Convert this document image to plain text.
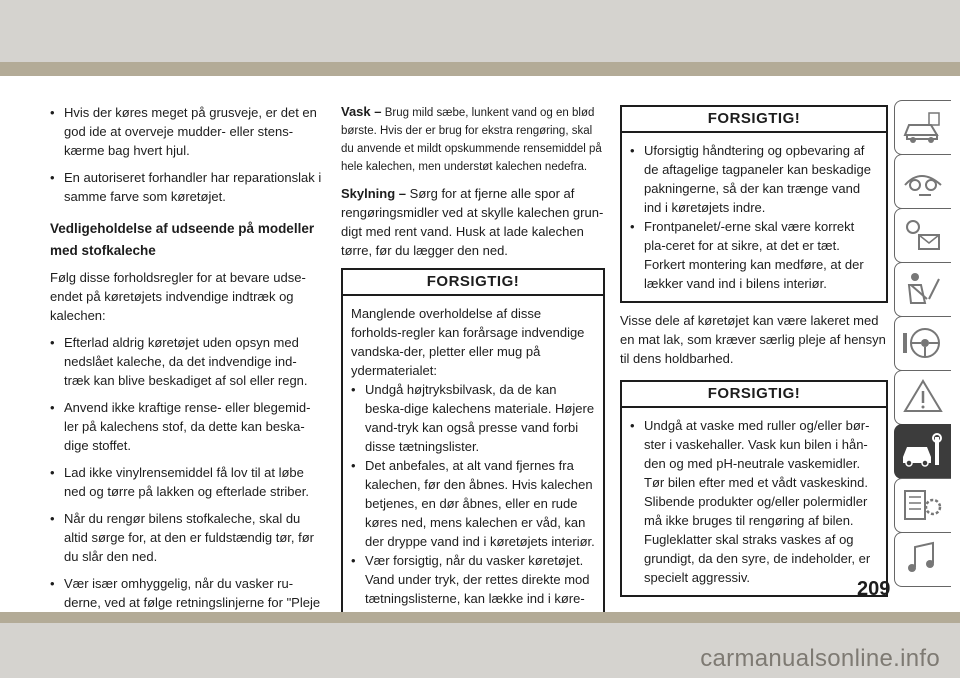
• Hvis der køres meget på grusveje, er det en god ide at overveje mudder- eller stens-kærme bag hvert hjul.
• En autoriseret forhandler har reparationslak i samme farve som køretøjet.
Vedligeholdelse af udseende på modeller med stofkaleche
Følg disse forholdsregler for at bevare udse-endet på køretøjets indvendige indtræk og kalechen:
• Efterlad aldrig køretøjet uden opsyn med nedslået kaleche, da det indvendige ind-træk kan blive beskadiget af sol eller regn.
• Anvend ikke kraftige rense- eller blegemid-ler på kalechens stof, da dette kan beska-dige stoffet.
• Lad ikke vinylrensemiddel få lov til at løbe ned og tørre på lakken og efterlade striber.
• Når du rengør bilens stofkaleche, skal du altid sørge for, at den er fuldstændig tør, før du slår den ned.
• Vær især omhyggelig, når du vasker ru-derne, ved at følge retningslinjerne for "Pleje
Vask – Brug mild sæbe, lunkent vand og en blød børste. Hvis der er brug for ekstra rengøring, skal du anvende et mildt opskummende rensemiddel på hele kalechen, men understøt kalechen nedefra.
Skylning – Sørg for at fjerne alle spor af rengøringsmidler ved at skylle kalechen grun-digt med rent vand. Husk at lade kalechen tørre, før du lægger den ned.
FORSIGTIG!
Manglende overholdelse af disse forholds-regler kan forårsage indvendige vandska-der, pletter eller mug på ydermaterialet:
• Undgå højtryksbilvask, da de kan beska-dige kalechens materiale. Højere vand-tryk kan også presse vand forbi disse tætningslister.
• Det anbefales, at alt vand fjernes fra kalechen, før den åbnes. Hvis kalechen betjenes, en dør åbnes, eller en rude køres ned, mens kalechen er våd, kan der dryppe vand ind i køretøjets interiør.
• Vær forsigtig, når du vasker køretøjet. Vand under tryk, der rettes direkte mod tætningslisterne, kan lække ind i køre-
FORSIGTIG!
• Uforsigtig håndtering og opbevaring af de aftagelige tagpaneler kan beskadige pakningerne, så der kan trænge vand ind i køretøjets indre.
• Frontpanelet/-erne skal være korrekt pla-ceret for at sikre, at det er tæt. Forkert montering kan medføre, at der lækker vand ind i bilens interiør.
Visse dele af køretøjet kan være lakeret med en mat lak, som kræver særlig pleje af hensyn til dens holdbarhed.
FORSIGTIG!
• Undgå at vaske med ruller og/eller bør-ster i vaskehaller. Vask kun bilen i hån-den og med pH-neutrale vaskemidler. Tør bilen efter med et vådt vaskeskind. Slibende produkter og/eller polermidler må ikke bruges til rengøring af bilen. Fugleklatter skal straks vaskes af og grundigt, da den syre, de indeholder, er specielt aggressiv.
209
carmanualsonline.info
